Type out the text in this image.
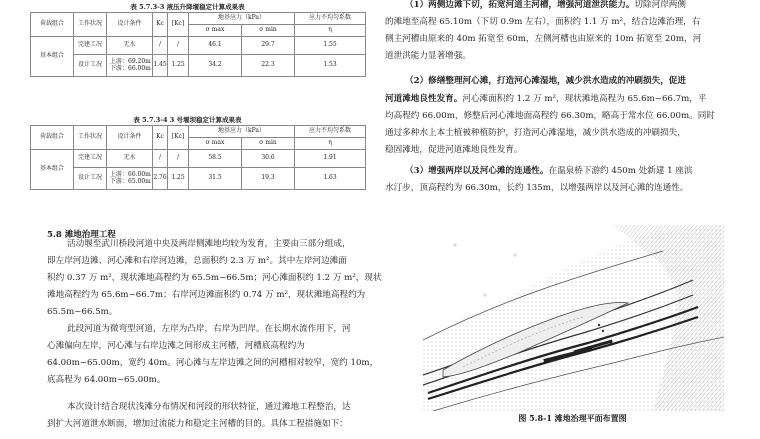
表 5.7.3-3 液压升降堰稳定计算成果表
荷载组合	工作状况	设计条件	Kc	[Kc]	地基应力（kPa）		应力不均匀系数
					σ max	σ min	η
基本组合	完建工况	无水	/	/	46.1	29.7	1.55
	设计工况	上游：69.20m
下游：66.00m	1.45	1.25	34.2	22.3	1.53
表 5.7.3-4 3 号堰坝稳定计算成果表
荷载组合	工作状况	设计条件	Kc	[Kc]	地基应力（kPa）		应力不均匀系数
					σ max	σ min	η
基本组合	完建工况	无水	/	/	58.5	30.6	1.91
	设计工况	上游：66.00m
下游：65.00m	2.76	1.25	31.5	19.3	1.63
5.8 滩地治理工程
活动堰至武川桥段河道中央及两岸侧滩地均较为发育，主要由三部分组成，
即左岸河边滩、河心滩和右岸河边滩，总面积约 2.3 万 m²。其中左岸河边滩面
积约 0.37 万 m²，现状滩地高程约为 65.5m~66.5m；河心滩面积约 1.2 万 m²，现状
滩地高程约为 65.6m~66.7m；右岸河边滩面积约 0.74 万 m²，现状滩地高程约为
65.5m~66.5m。
此段河道为微弯型河道，左岸为凸岸，右岸为凹岸。在长期水流作用下，河
心滩偏向左岸，河心滩与右岸边滩之间形成主河槽，河槽底高程约为
64.00m~65.00m，宽约 40m。河心滩与左岸边滩之间的河槽相对较窄，宽约 10m，
底高程为 64.00m~65.00m。
本次设计结合现状浅滩分布情况和河段的形状特征，通过滩地工程整治，达
到扩大河道泄水断面，增加过流能力和稳定主河槽的目的。具体工程措施如下：
（1）两侧边滩下切，拓宽河道主河槽，增强河道泄洪能力。切除河岸两侧
的滩地至高程 65.10m（下切 0.9m 左右），面积约 1.1 万 m²，结合边滩治理，右
侧主河槽由原来的 40m 拓宽至 60m，左侧河槽也由原来的 10m 拓宽至 20m，河
道泄洪能力显著增强。
（2）修缮整理河心滩，打造河心滩湿地，减少洪水造成的冲刷损失，促进
河道滩地良性发育。河心滩面积约 1.2 万 m²，现状滩地高程为 65.6m~66.7m，平
均高程约 66.00m，修整后河心滩地面高程约 66.30m，略高于常水位 66.00m。同时
通过多种水上本土植被种植防护，打造河心滩湿地，减少洪水造成的冲刷损失，
稳固滩地，促进河道滩地良性发育。
（3）增强两岸以及河心滩的连通性。在温泉桥下游约 450m 处新建 1 座滨
水汀步，顶高程约为 66.30m，长约 135m，以增强两岸以及河心滩的连通性。
图 5.8-1 滩地治理平面布置图
